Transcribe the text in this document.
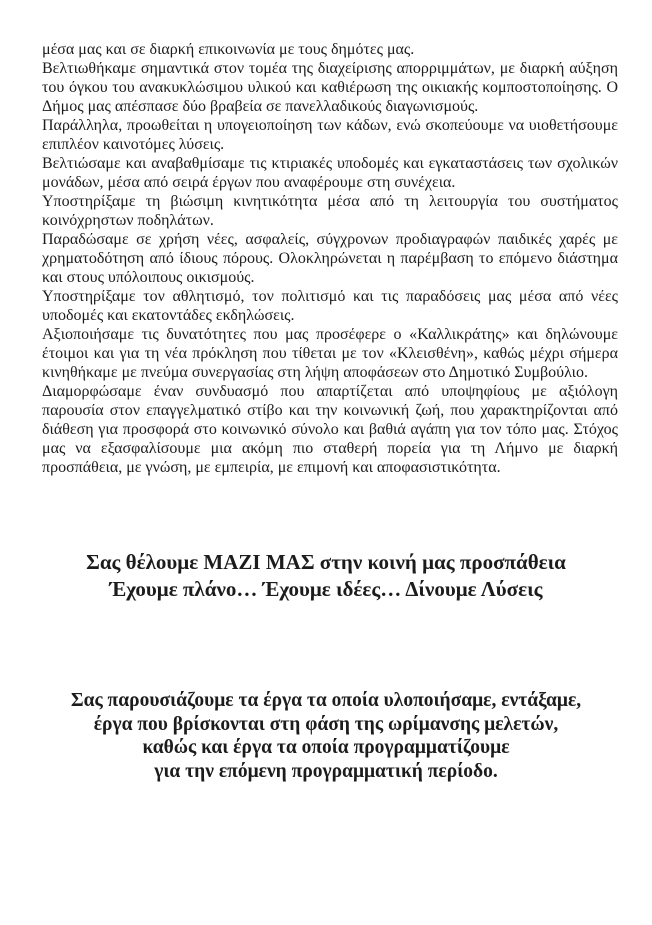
μέσα μας και σε διαρκή επικοινωνία με τους δημότες μας.

Βελτιωθήκαμε σημαντικά στον τομέα της διαχείρισης απορριμμάτων, με διαρκή αύξηση του όγκου του ανακυκλώσιμου υλικού και καθιέρωση της οικιακής κομποστοποίησης. Ο Δήμος μας απέσπασε δύο βραβεία σε πανελλαδικούς διαγωνισμούς.

Παράλληλα, προωθείται η υπογειοποίηση των κάδων, ενώ σκοπεύουμε να υιοθετήσουμε επιπλέον καινοτόμες λύσεις.

Βελτιώσαμε και αναβαθμίσαμε τις κτιριακές υποδομές και εγκαταστάσεις των σχολικών μονάδων, μέσα από σειρά έργων που αναφέρουμε στη συνέχεια.

Υποστηρίξαμε τη βιώσιμη κινητικότητα μέσα από τη λειτουργία του συστήματος κοινόχρηστων ποδηλάτων.

Παραδώσαμε σε χρήση νέες, ασφαλείς, σύγχρονων προδιαγραφών παιδικές χαρές με χρηματοδότηση από ίδιους πόρους. Ολοκληρώνεται η παρέμβαση το επόμενο διάστημα και στους υπόλοιπους οικισμούς.

Υποστηρίξαμε τον αθλητισμό, τον πολιτισμό και τις παραδόσεις μας μέσα από νέες υποδομές και εκατοντάδες εκδηλώσεις.

Αξιοποιήσαμε τις δυνατότητες που μας προσέφερε ο «Καλλικράτης» και δηλώνουμε έτοιμοι και για τη νέα πρόκληση που τίθεται με τον «Κλεισθένη», καθώς μέχρι σήμερα κινηθήκαμε με πνεύμα συνεργασίας στη λήψη αποφάσεων στο Δημοτικό Συμβούλιο.

Διαμορφώσαμε έναν συνδυασμό που απαρτίζεται από υποψηφίους με αξιόλογη παρουσία στον επαγγελματικό στίβο και την κοινωνική ζωή, που χαρακτηρίζονται από διάθεση για προσφορά στο κοινωνικό σύνολο και βαθιά αγάπη για τον τόπο μας. Στόχος μας να εξασφαλίσουμε μια ακόμη πιο σταθερή πορεία για τη Λήμνο με διαρκή προσπάθεια, με γνώση, με εμπειρία, με επιμονή και αποφασιστικότητα.

Σας θέλουμε ΜΑΖΙ ΜΑΣ στην κοινή μας προσπάθεια

Έχουμε πλάνο… Έχουμε ιδέες… Δίνουμε Λύσεις

Σας παρουσιάζουμε τα έργα τα οποία υλοποιήσαμε, εντάξαμε,

έργα που βρίσκονται στη φάση της ωρίμανσης μελετών,

καθώς και έργα τα οποία προγραμματίζουμε

για την επόμενη προγραμματική περίοδο.
